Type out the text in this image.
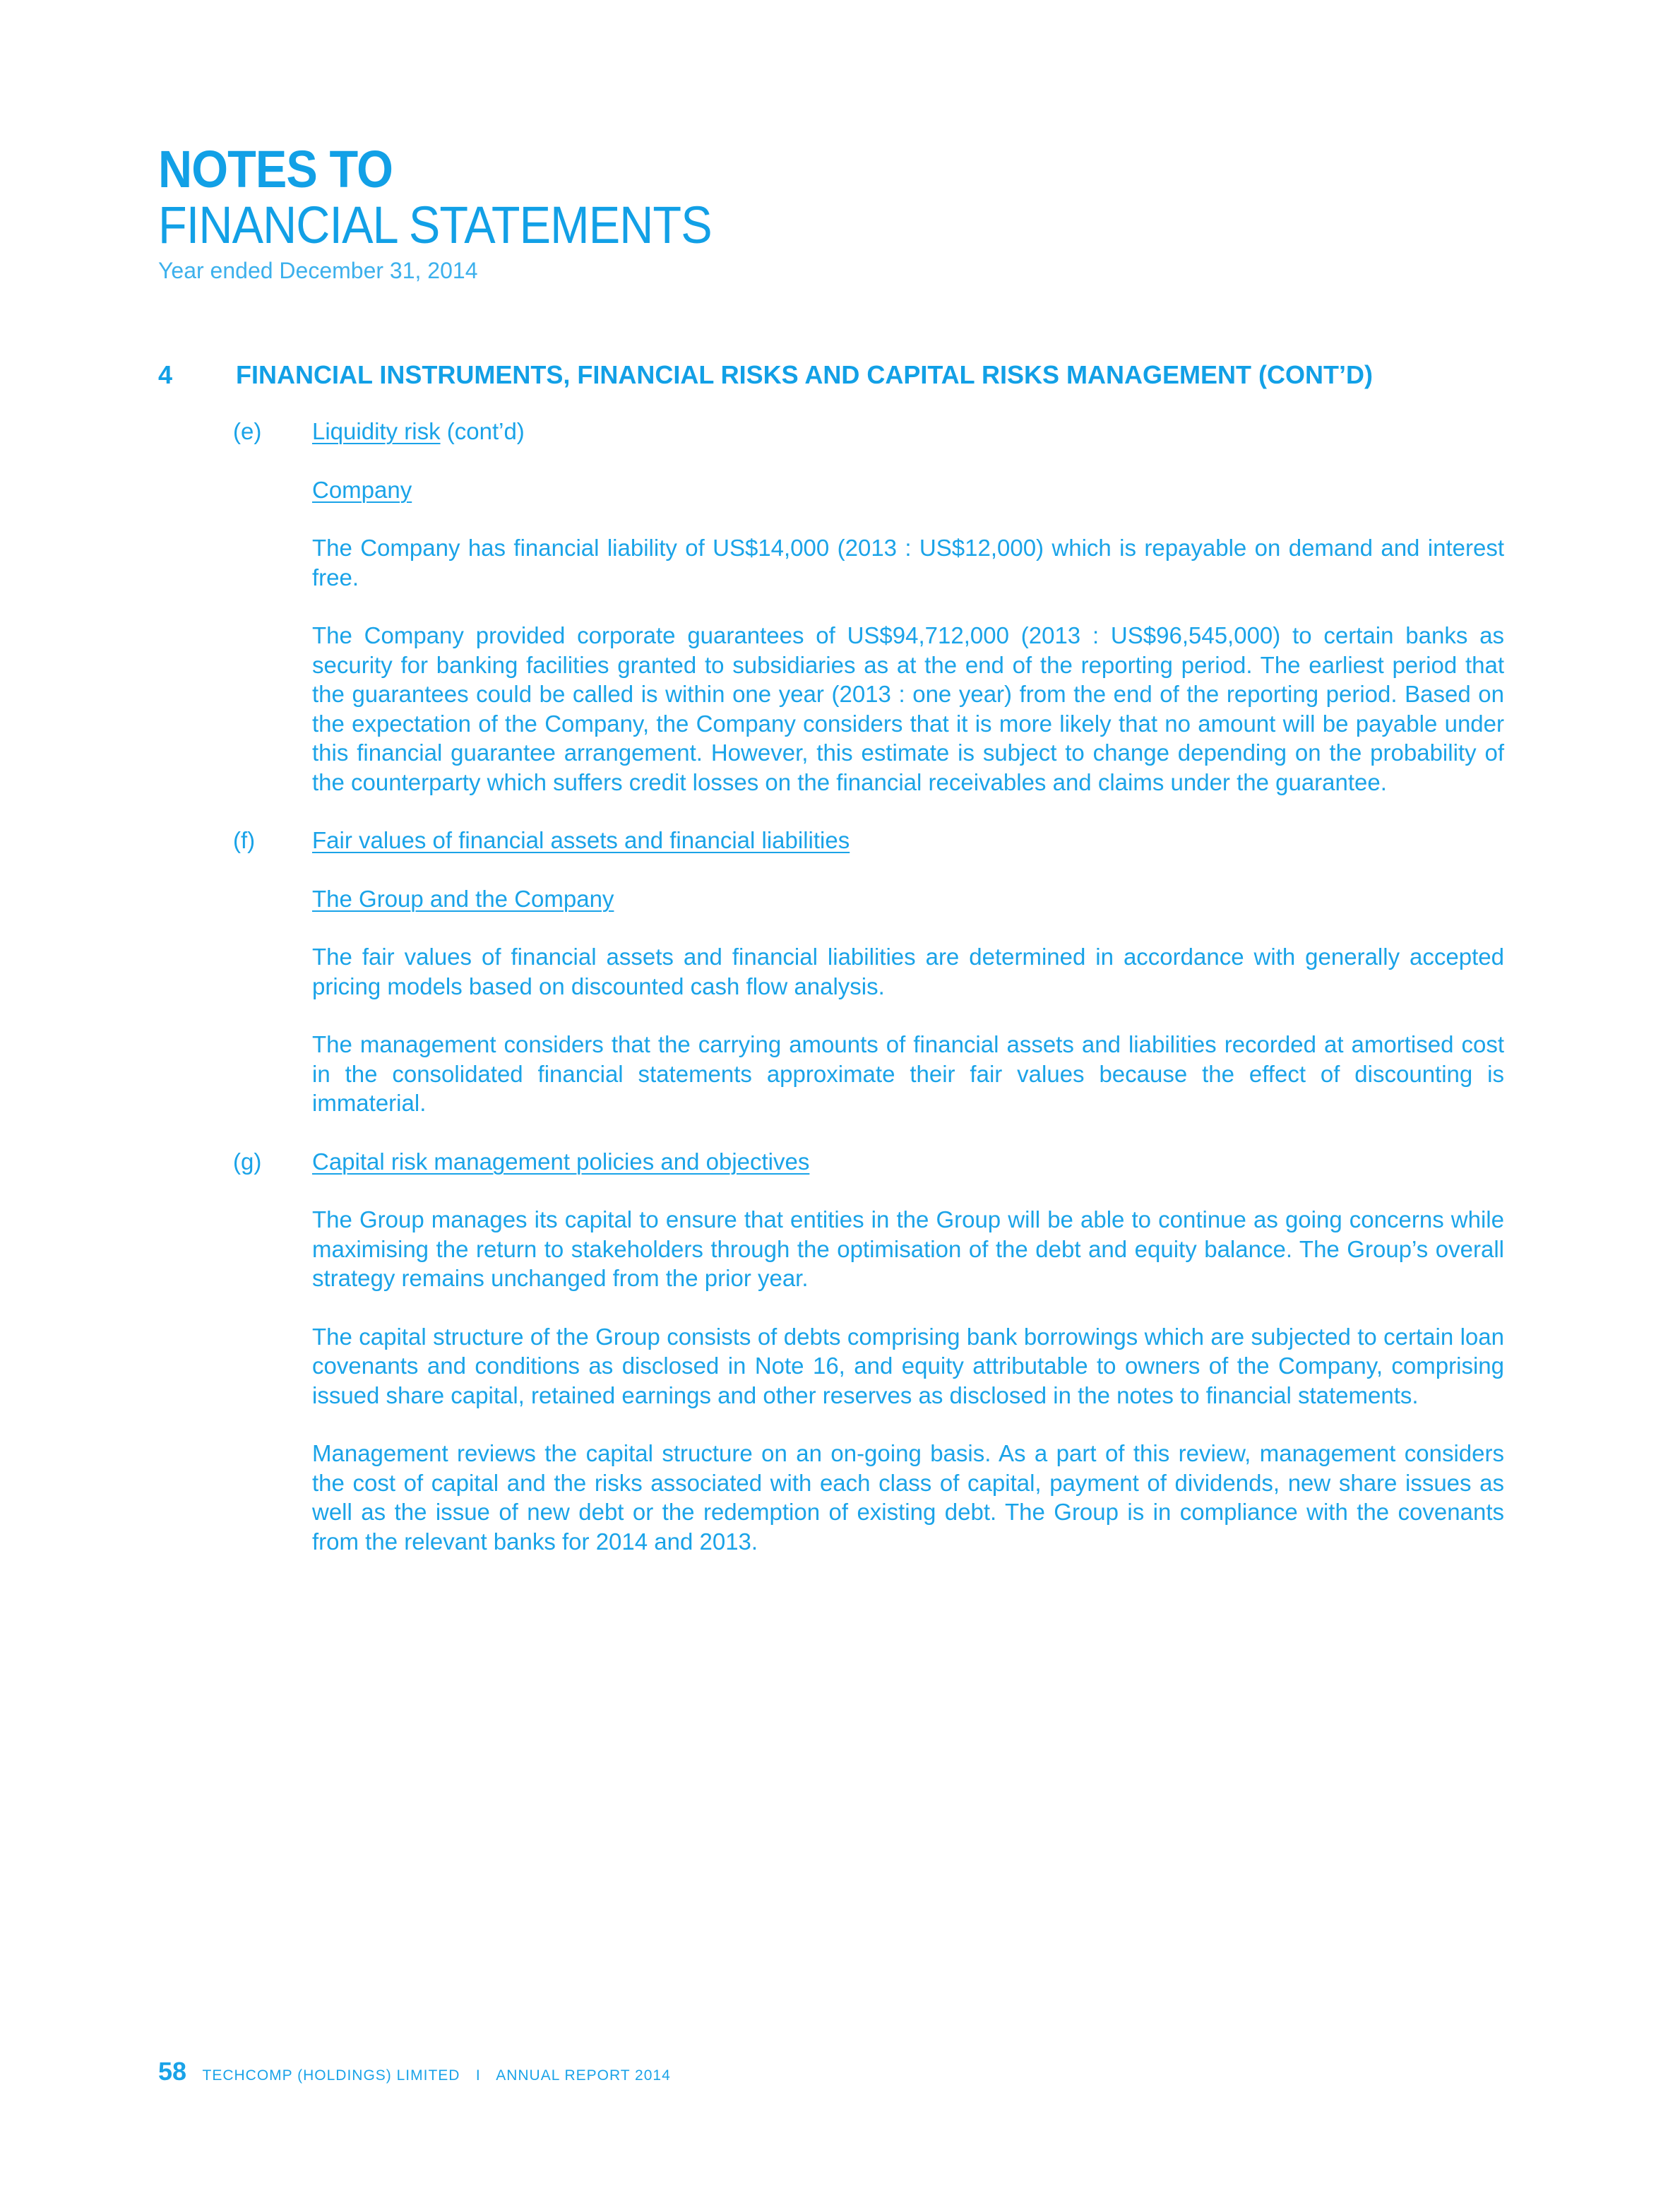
NOTES TO
FINANCIAL STATEMENTS
Year ended December 31, 2014
4 FINANCIAL INSTRUMENTS, FINANCIAL RISKS AND CAPITAL RISKS MANAGEMENT (CONT’D)
(e) Liquidity risk (cont’d)
Company

The Company has financial liability of US$14,000 (2013 : US$12,000) which is repayable on demand and interest free.

The Company provided corporate guarantees of US$94,712,000 (2013 : US$96,545,000) to certain banks as security for banking facilities granted to subsidiaries as at the end of the reporting period. The earliest period that the guarantees could be called is within one year (2013 : one year) from the end of the reporting period. Based on the expectation of the Company, the Company considers that it is more likely that no amount will be payable under this financial guarantee arrangement. However, this estimate is subject to change depending on the probability of the counterparty which suffers credit losses on the financial receivables and claims under the guarantee.

(f) Fair values of financial assets and financial liabilities
The Group and the Company

The fair values of financial assets and financial liabilities are determined in accordance with generally accepted pricing models based on discounted cash flow analysis.

The management considers that the carrying amounts of financial assets and liabilities recorded at amortised cost in the consolidated financial statements approximate their fair values because the effect of discounting is immaterial.

(g) Capital risk management policies and objectives

The Group manages its capital to ensure that entities in the Group will be able to continue as going concerns while maximising the return to stakeholders through the optimisation of the debt and equity balance. The Group’s overall strategy remains unchanged from the prior year.

The capital structure of the Group consists of debts comprising bank borrowings which are subjected to certain loan covenants and conditions as disclosed in Note 16, and equity attributable to owners of the Company, comprising issued share capital, retained earnings and other reserves as disclosed in the notes to financial statements.

Management reviews the capital structure on an on-going basis. As a part of this review, management considers the cost of capital and the risks associated with each class of capital, payment of dividends, new share issues as well as the issue of new debt or the redemption of existing debt. The Group is in compliance with the covenants from the relevant banks for 2014 and 2013.

58 TECHCOMP (HOLDINGS) LIMITED I ANNUAL REPORT 2014
